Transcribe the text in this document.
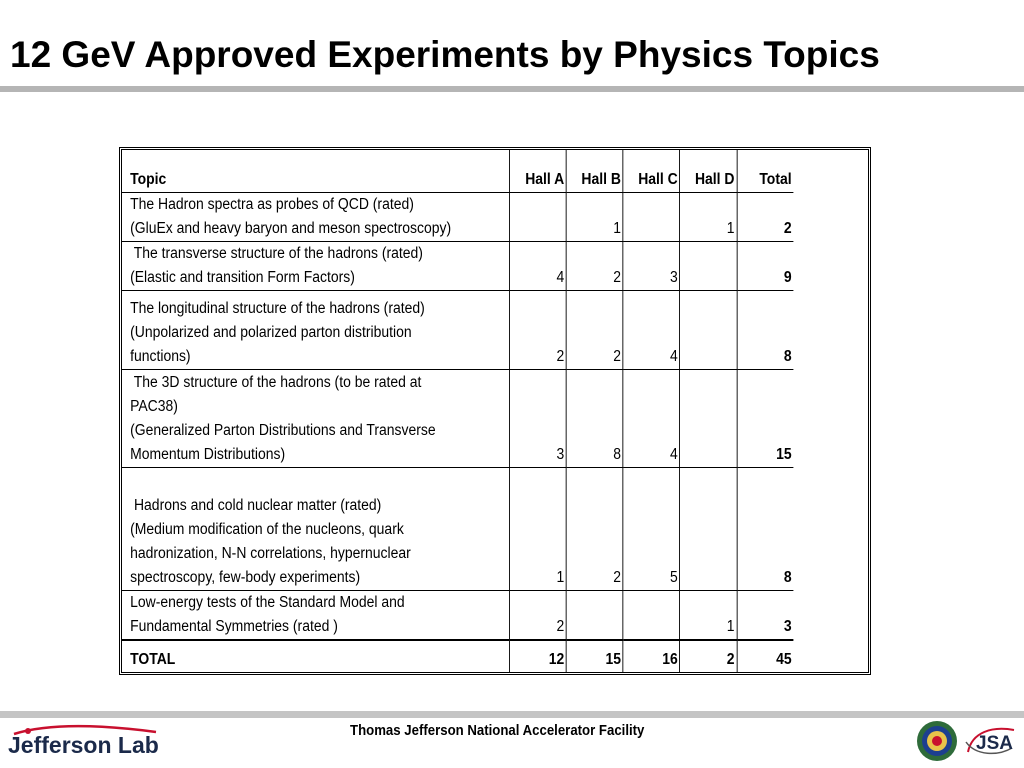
12 GeV Approved Experiments by Physics Topics
Topic	Hall A	Hall B	Hall C	Hall D	Total

The Hadron spectra as probes of QCD (rated)
(GluEx and heavy baryon and meson spectroscopy)		1		1	2

The transverse structure of the hadrons (rated)
(Elastic and transition Form Factors)	4	2	3		9

The longitudinal structure of the hadrons (rated)
(Unpolarized and polarized parton distribution
functions)	2	2	4		8

The 3D structure of the hadrons (to be rated at
PAC38)
(Generalized Parton Distributions and Transverse
Momentum Distributions)	3	8	4		15

Hadrons and cold nuclear matter (rated)
(Medium modification of the nucleons, quark
hadronization, N-N correlations, hypernuclear
spectroscopy, few-body experiments)	1	2	5		8

Low-energy tests of the Standard Model and
Fundamental Symmetries (rated )	2			1	3
TOTAL	12	15	16	2	45
Jefferson Lab
Thomas Jefferson National Accelerator Facility
JSA
